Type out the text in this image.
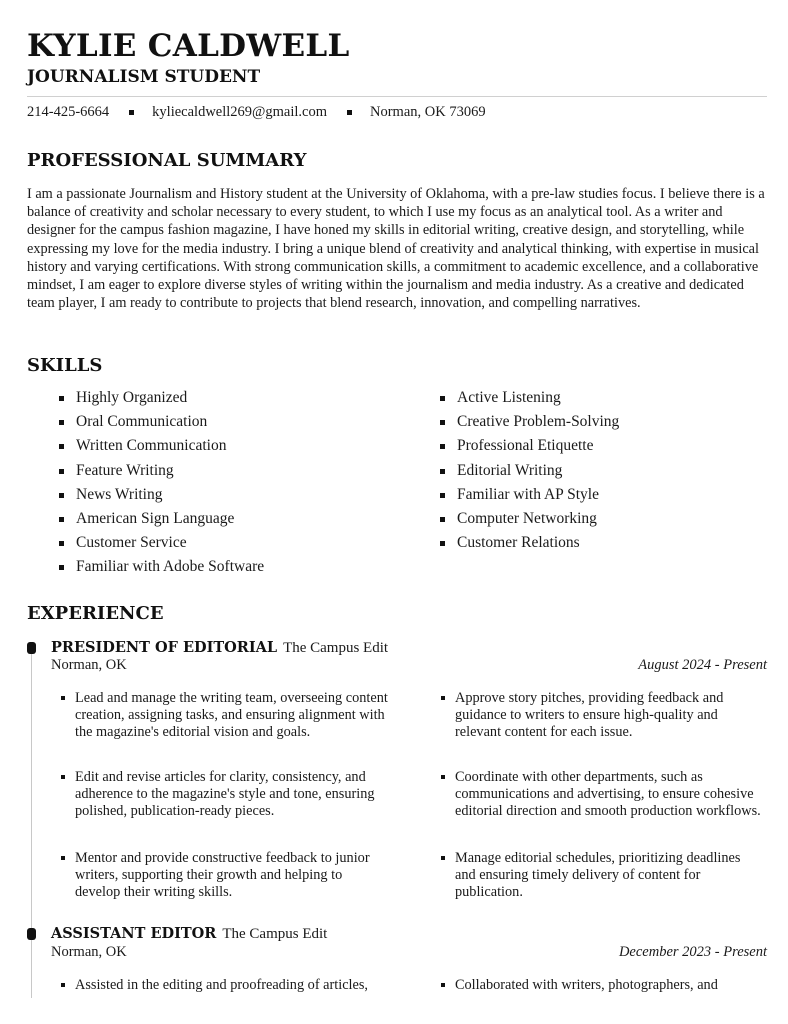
KYLIE CALDWELL
JOURNALISM STUDENT
214-425-6664	kyliecaldwell269@gmail.com	Norman, OK 73069
PROFESSIONAL SUMMARY

I am a passionate Journalism and History student at the University of Oklahoma, with a pre-law studies focus. I believe there is a balance of creativity and scholar necessary to every student, to which I use my focus as an analytical tool. As a writer and designer for the campus fashion magazine, I have honed my skills in editorial writing, creative design, and storytelling, while expressing my love for the media industry. I bring a unique blend of creativity and analytical thinking, with expertise in musical history and varying certifications. With strong communication skills, a commitment to academic excellence, and a collaborative mindset, I am eager to explore diverse styles of writing within the journalism and media industry. As a creative and dedicated team player, I am ready to contribute to projects that blend research, innovation, and compelling narratives.

SKILLS
Highly Organized
Oral Communication
Written Communication
Feature Writing
News Writing
American Sign Language
Customer Service
Familiar with Adobe Software
Active Listening
Creative Problem-Solving
Professional Etiquette
Editorial Writing
Familiar with AP Style
Computer Networking
Customer Relations
EXPERIENCE
PRESIDENT OF EDITORIAL The Campus Edit
Norman, OK	August 2024 - Present
Lead and manage the writing team, overseeing content creation, assigning tasks, and ensuring alignment with the magazine's editorial vision and goals.
Approve story pitches, providing feedback and guidance to writers to ensure high-quality and relevant content for each issue.
Edit and revise articles for clarity, consistency, and adherence to the magazine's style and tone, ensuring polished, publication-ready pieces.
Coordinate with other departments, such as communications and advertising, to ensure cohesive editorial direction and smooth production workflows.
Mentor and provide constructive feedback to junior writers, supporting their growth and helping to develop their writing skills.
Manage editorial schedules, prioritizing deadlines and ensuring timely delivery of content for publication.
ASSISTANT EDITOR The Campus Edit
Norman, OK	December 2023 - Present
Assisted in the editing and proofreading of articles,	Collaborated with writers, photographers, and
